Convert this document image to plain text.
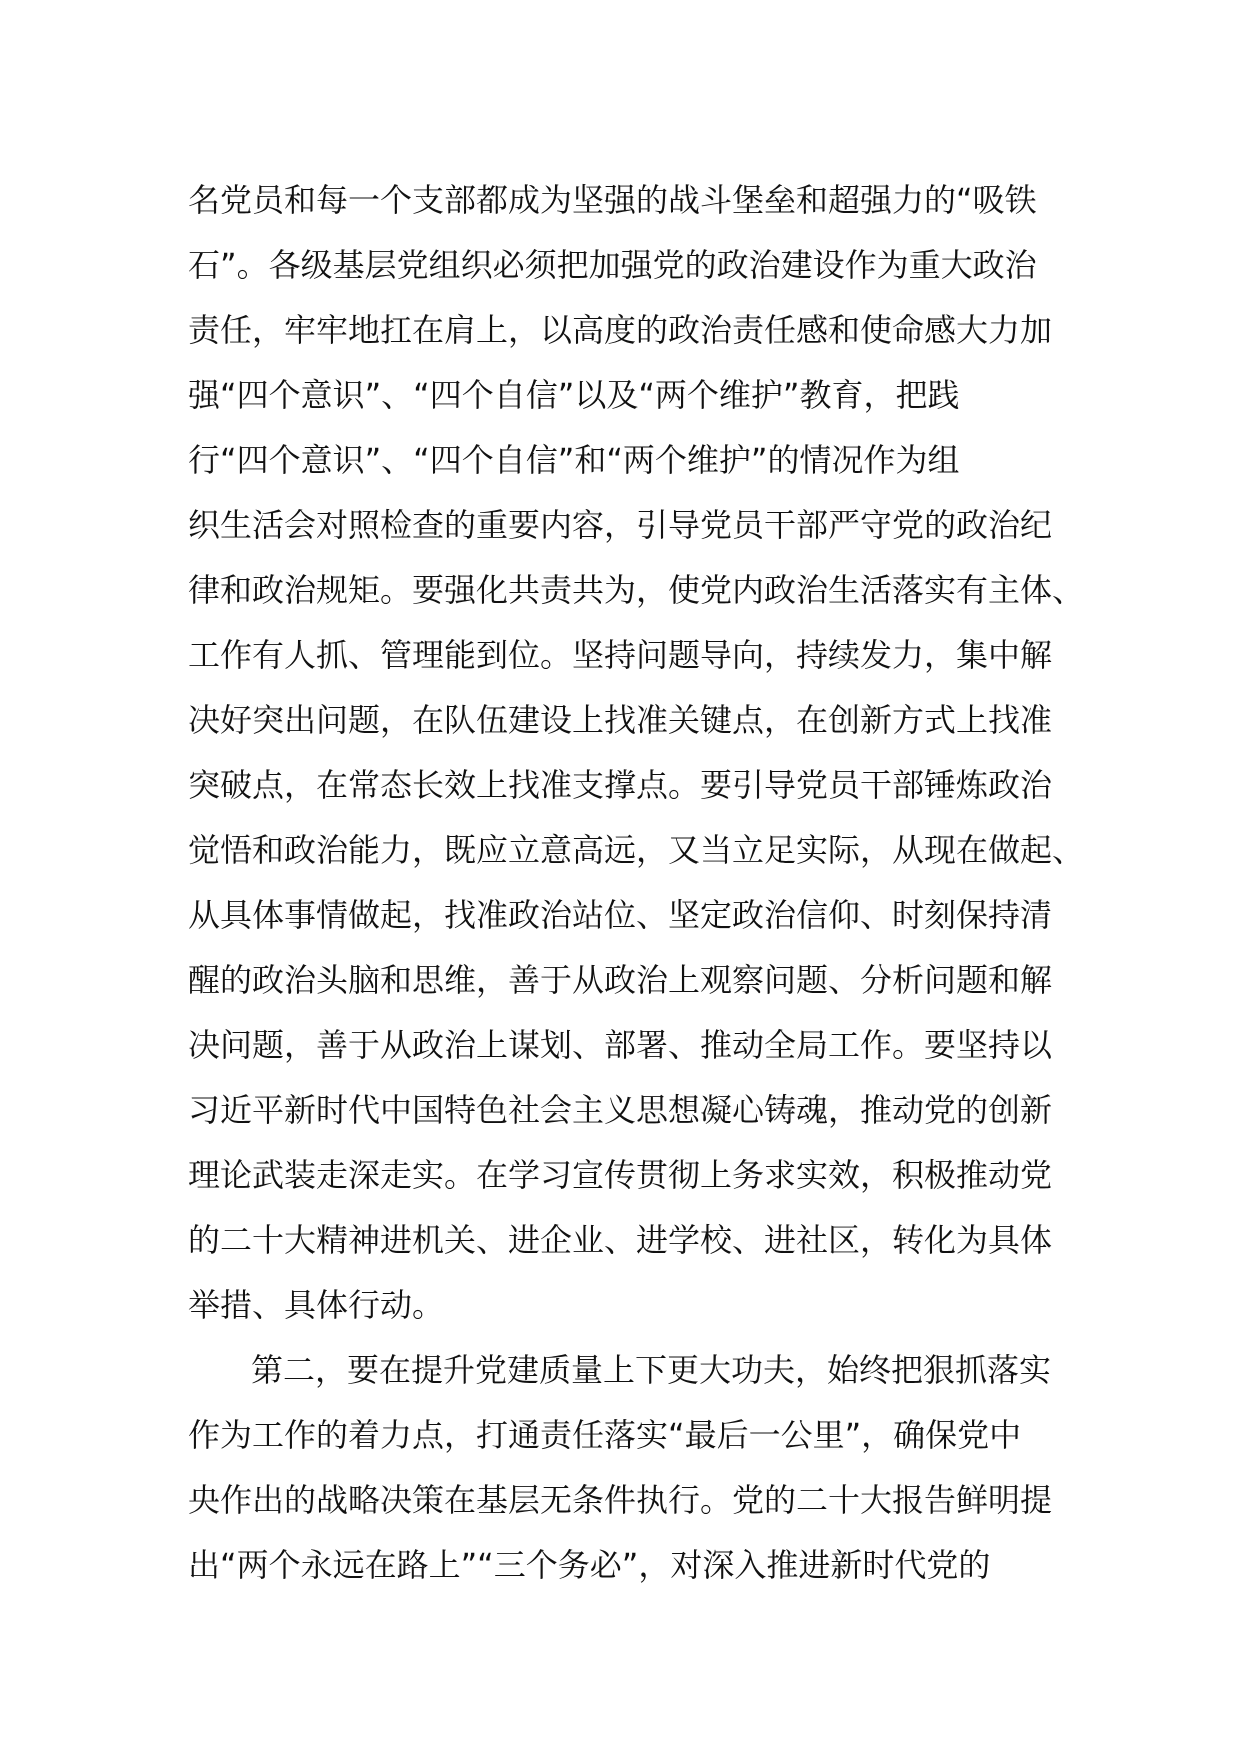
名党员和每一个支部都成为坚强的战斗堡垒和超强力的“吸铁
石”。各级基层党组织必须把加强党的政治建设作为重大政治
责任，牢牢地扛在肩上，以高度的政治责任感和使命感大力加
强“四个意识”、“四个自信”以及“两个维护”教育，把践
行“四个意识”、“四个自信”和“两个维护”的情况作为组
织生活会对照检查的重要内容，引导党员干部严守党的政治纪
律和政治规矩。要强化共责共为，使党内政治生活落实有主体、
工作有人抓、管理能到位。坚持问题导向，持续发力，集中解
决好突出问题，在队伍建设上找准关键点，在创新方式上找准
突破点，在常态长效上找准支撑点。要引导党员干部锤炼政治
觉悟和政治能力，既应立意高远，又当立足实际，从现在做起、
从具体事情做起，找准政治站位、坚定政治信仰、时刻保持清
醒的政治头脑和思维，善于从政治上观察问题、分析问题和解
决问题，善于从政治上谋划、部署、推动全局工作。要坚持以
习近平新时代中国特色社会主义思想凝心铸魂，推动党的创新
理论武装走深走实。在学习宣传贯彻上务求实效，积极推动党
的二十大精神进机关、进企业、进学校、进社区，转化为具体
举措、具体行动。
第二，要在提升党建质量上下更大功夫，始终把狠抓落实
作为工作的着力点，打通责任落实“最后一公里”，确保党中
央作出的战略决策在基层无条件执行。党的二十大报告鲜明提
出“两个永远在路上”“三个务必”，对深入推进新时代党的
